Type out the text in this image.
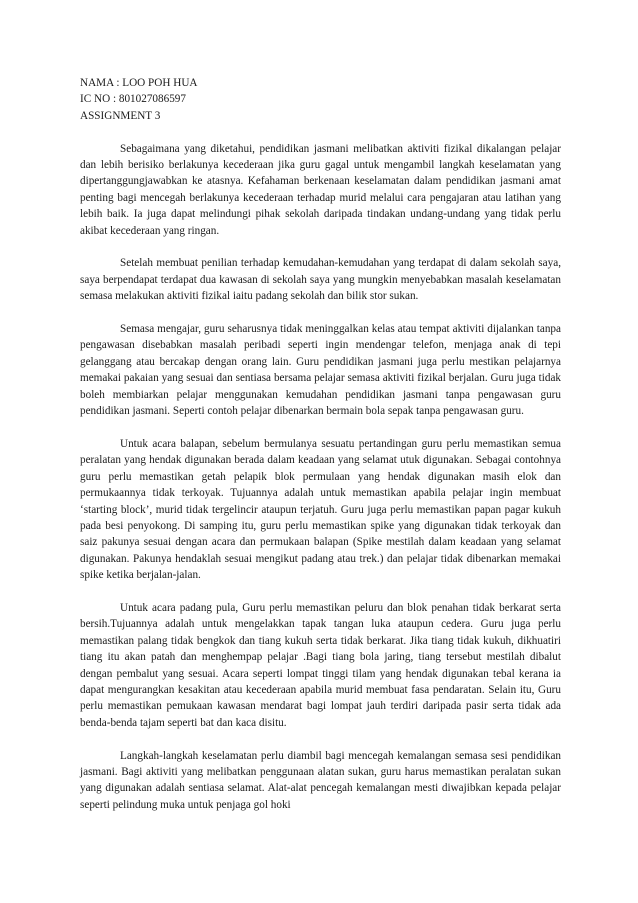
NAMA : LOO POH HUA

IC NO : 801027086597

ASSIGNMENT 3

Sebagaimana yang diketahui, pendidikan jasmani melibatkan aktiviti fizikal dikalangan pelajar dan lebih berisiko berlakunya kecederaan jika guru gagal untuk mengambil langkah keselamatan yang dipertanggungjawabkan ke atasnya. Kefahaman berkenaan keselamatan dalam pendidikan jasmani amat penting bagi mencegah berlakunya kecederaan terhadap murid melalui cara pengajaran atau latihan yang lebih baik. Ia juga dapat melindungi pihak sekolah daripada tindakan undang-undang yang tidak perlu akibat kecederaan yang ringan.

Setelah membuat penilian terhadap kemudahan-kemudahan yang terdapat di dalam sekolah saya, saya berpendapat terdapat dua kawasan di sekolah saya yang mungkin menyebabkan masalah keselamatan semasa melakukan aktiviti fizikal iaitu padang sekolah dan bilik stor sukan.

Semasa mengajar, guru seharusnya tidak meninggalkan kelas atau tempat aktiviti dijalankan tanpa pengawasan disebabkan masalah peribadi seperti ingin mendengar telefon, menjaga anak di tepi gelanggang atau bercakap dengan orang lain. Guru pendidikan jasmani juga perlu mestikan pelajarnya memakai pakaian yang sesuai dan sentiasa bersama pelajar semasa aktiviti fizikal berjalan. Guru juga tidak boleh membiarkan pelajar menggunakan kemudahan pendidikan jasmani tanpa pengawasan guru pendidikan jasmani. Seperti contoh pelajar dibenarkan bermain bola sepak tanpa pengawasan guru.

Untuk acara balapan, sebelum bermulanya sesuatu pertandingan guru perlu memastikan semua peralatan yang hendak digunakan berada dalam keadaan yang selamat utuk digunakan. Sebagai contohnya guru perlu memastikan getah pelapik blok permulaan yang hendak digunakan masih elok dan permukaannya tidak terkoyak. Tujuannya adalah untuk memastikan apabila pelajar ingin membuat ‘starting block’, murid tidak tergelincir ataupun terjatuh. Guru juga perlu memastikan papan pagar kukuh pada besi penyokong. Di samping itu, guru perlu memastikan spike yang digunakan tidak terkoyak dan saiz pakunya sesuai dengan acara dan permukaan balapan (Spike mestilah dalam keadaan yang selamat digunakan. Pakunya hendaklah sesuai mengikut padang atau trek.) dan pelajar tidak dibenarkan memakai spike ketika berjalan-jalan.

Untuk acara padang pula, Guru perlu memastikan peluru dan blok penahan tidak berkarat serta bersih.Tujuannya adalah untuk mengelakkan tapak tangan luka ataupun cedera. Guru juga perlu memastikan palang tidak bengkok dan tiang kukuh serta tidak berkarat. Jika tiang tidak kukuh, dikhuatiri tiang itu akan patah dan menghempap pelajar .Bagi tiang bola jaring, tiang tersebut mestilah dibalut dengan pembalut yang sesuai. Acara seperti lompat tinggi tilam yang hendak digunakan tebal kerana ia dapat mengurangkan kesakitan atau kecederaan apabila murid membuat fasa pendaratan. Selain itu, Guru perlu memastikan pemukaan kawasan mendarat bagi lompat jauh terdiri daripada pasir serta tidak ada benda-benda tajam seperti bat dan kaca disitu.

Langkah-langkah keselamatan perlu diambil bagi mencegah kemalangan semasa sesi pendidikan jasmani. Bagi aktiviti yang melibatkan penggunaan alatan sukan, guru harus memastikan peralatan sukan yang digunakan adalah sentiasa selamat. Alat-alat pencegah kemalangan mesti diwajibkan kepada pelajar seperti pelindung muka untuk penjaga gol hoki
